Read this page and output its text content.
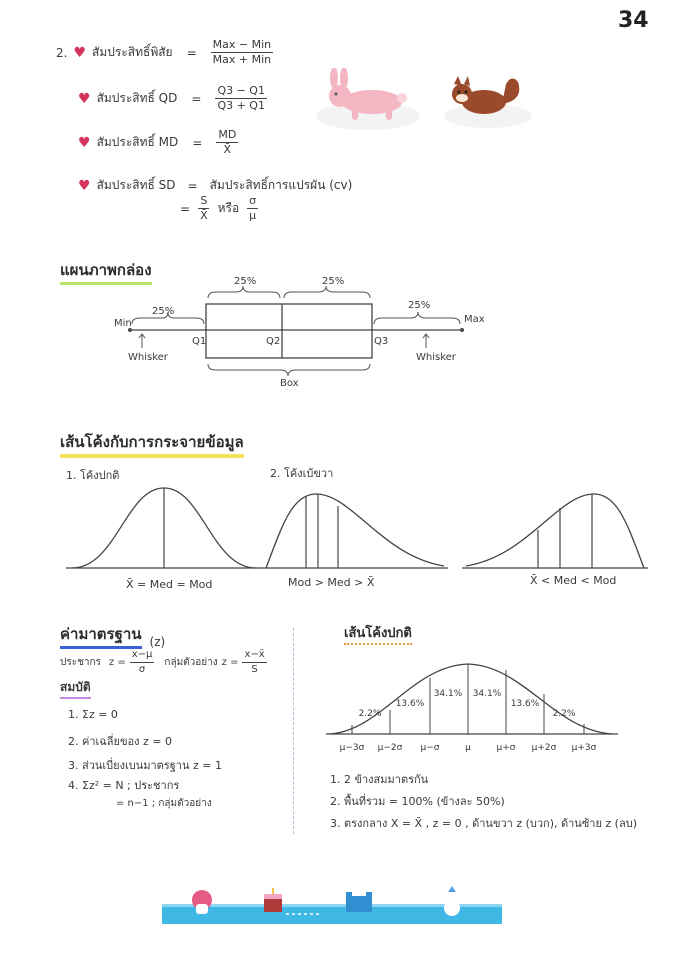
34
2. ♥ สัมประสิทธิ์พิสัย = $\frac{\text{Max − Min}}{\text{Max + Min}}$
♥ สัมประสิทธิ์ QD = $\frac{Q3 - Q1}{Q3 + Q1}$
♥ สัมประสิทธิ์ MD = $\frac{MD}{X̄}$
♥ สัมประสิทธิ์ SD = สัมประสิทธิ์การแปรผัน (cv)
= $\frac{S}{X̄}$ หรือ $\frac{\sigma}{\mu}$
แผนภาพกล่อง
25%
25%	25%
25%
Min	Max
Q1	Q2	Q3
Whisker	Whisker
Box
เส้นโค้งกับการกระจายข้อมูล
1. โค้งปกติ	2. โค้งเบ้ขวา
X̄ = Med = Mod	Mod > Med > X̄	X̄ < Med < Mod
ค่ามาตรฐาน (z)
ประชากร $z = \frac{x-\mu}{\sigma}$ กลุ่มตัวอย่าง $z = \frac{x-x̄}{S}$
สมบัติ
1. Σz = 0
2. ค่าเฉลี่ยของ z = 0
3. ส่วนเบี่ยงเบนมาตรฐาน z = 1
4. Σz² = N ; ประชากร
= n−1 ; กลุ่มตัวอย่าง
เส้นโค้งปกติ
2.2%
13.6%
34.1% 34.1%
13.6%
2.2%
μ−3σ μ−2σ μ−σ	μ	μ+σ μ+2σ μ+3σ
1. 2 ข้างสมมาตรกัน
2. พื้นที่รวม = 100% (ข้างละ 50%)
3. ตรงกลาง X = X̄ , z = 0 , ด้านขวา z (บวก), ด้านซ้าย z (ลบ)
